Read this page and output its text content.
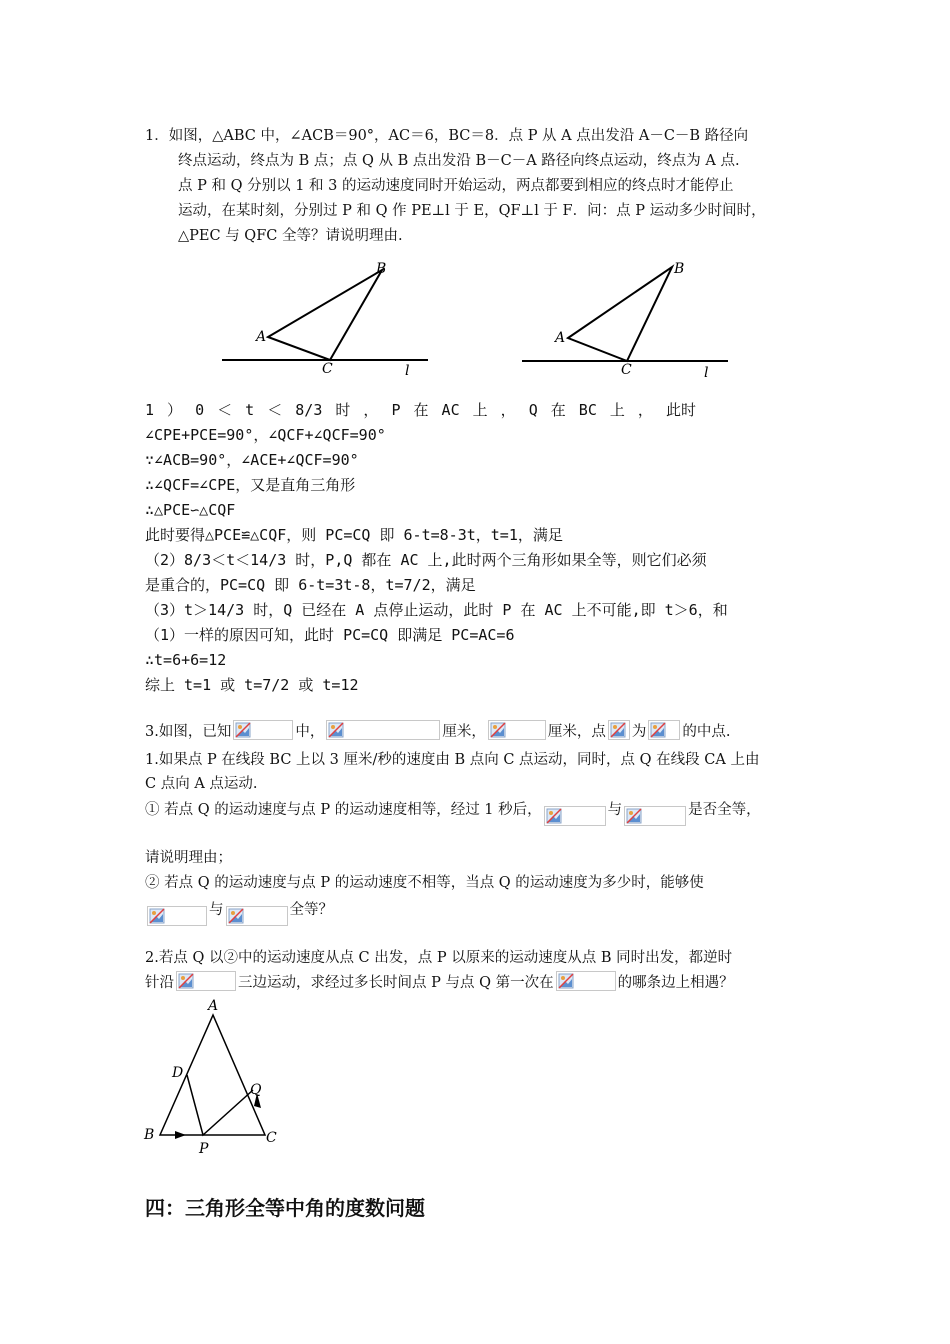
1．如图，△ABC 中，∠ACB＝90°，AC＝6，BC＝8．点 P 从 A 点出发沿 A－C－B 路径向
终点运动，终点为 B 点；点 Q 从 B 点出发沿 B－C－A 路径向终点运动，终点为 A 点.
点 P 和 Q 分别以 1 和 3 的运动速度同时开始运动，两点都要到相应的终点时才能停止
运动，在某时刻，分别过 P 和 Q 作 PE⊥l 于 E，QF⊥l 于 F．问：点 P 运动多少时间时，
△PEC 与 QFC 全等？请说明理由.
A
B
C	l
A
B
C	l
1 ） 0 ＜ t ＜ 8/3 时 ， P 在 AC 上 ， Q 在 BC 上 ， 此时
∠CPE+PCE=90°，∠QCF+∠QCF=90°
∵∠ACB=90°，∠ACE+∠QCF=90°
∴∠QCF=∠CPE，又是直角三角形
∴△PCE∽△CQF
此时要得△PCE≌△CQF，则 PC=CQ 即 6-t=8-3t，t=1，满足
（2）8/3＜t＜14/3 时，P,Q 都在 AC 上,此时两个三角形如果全等，则它们必须
是重合的，PC=CQ 即 6-t=3t-8，t=7/2，满足
（3）t＞14/3 时，Q 已经在 A 点停止运动，此时 P 在 AC 上不可能,即 t＞6，和
（1）一样的原因可知，此时 PC=CQ 即满足 PC=AC=6
∴t=6+6=12
综上 t=1 或 t=7/2 或 t=12
3.如图，已知	中，	厘米，	厘米，点 为 的中点.
1.如果点 P 在线段 BC 上以 3 厘米/秒的速度由 B 点向 C 点运动，同时，点 Q 在线段 CA 上由
C 点向 A 点运动.
① 若点 Q 的运动速度与点 P 的运动速度相等，经过 1 秒后，	与	是否全等，
请说明理由；
② 若点 Q 的运动速度与点 P 的运动速度不相等，当点 Q 的运动速度为多少时，能够使
与	全等？
2.若点 Q 以②中的运动速度从点 C 出发，点 P 以原来的运动速度从点 B 同时出发，都逆时
针沿	三边运动，求经过多长时间点 P 与点 Q 第一次在	的哪条边上相遇？
A
D
Q
B
P
C
四：三角形全等中角的度数问题
